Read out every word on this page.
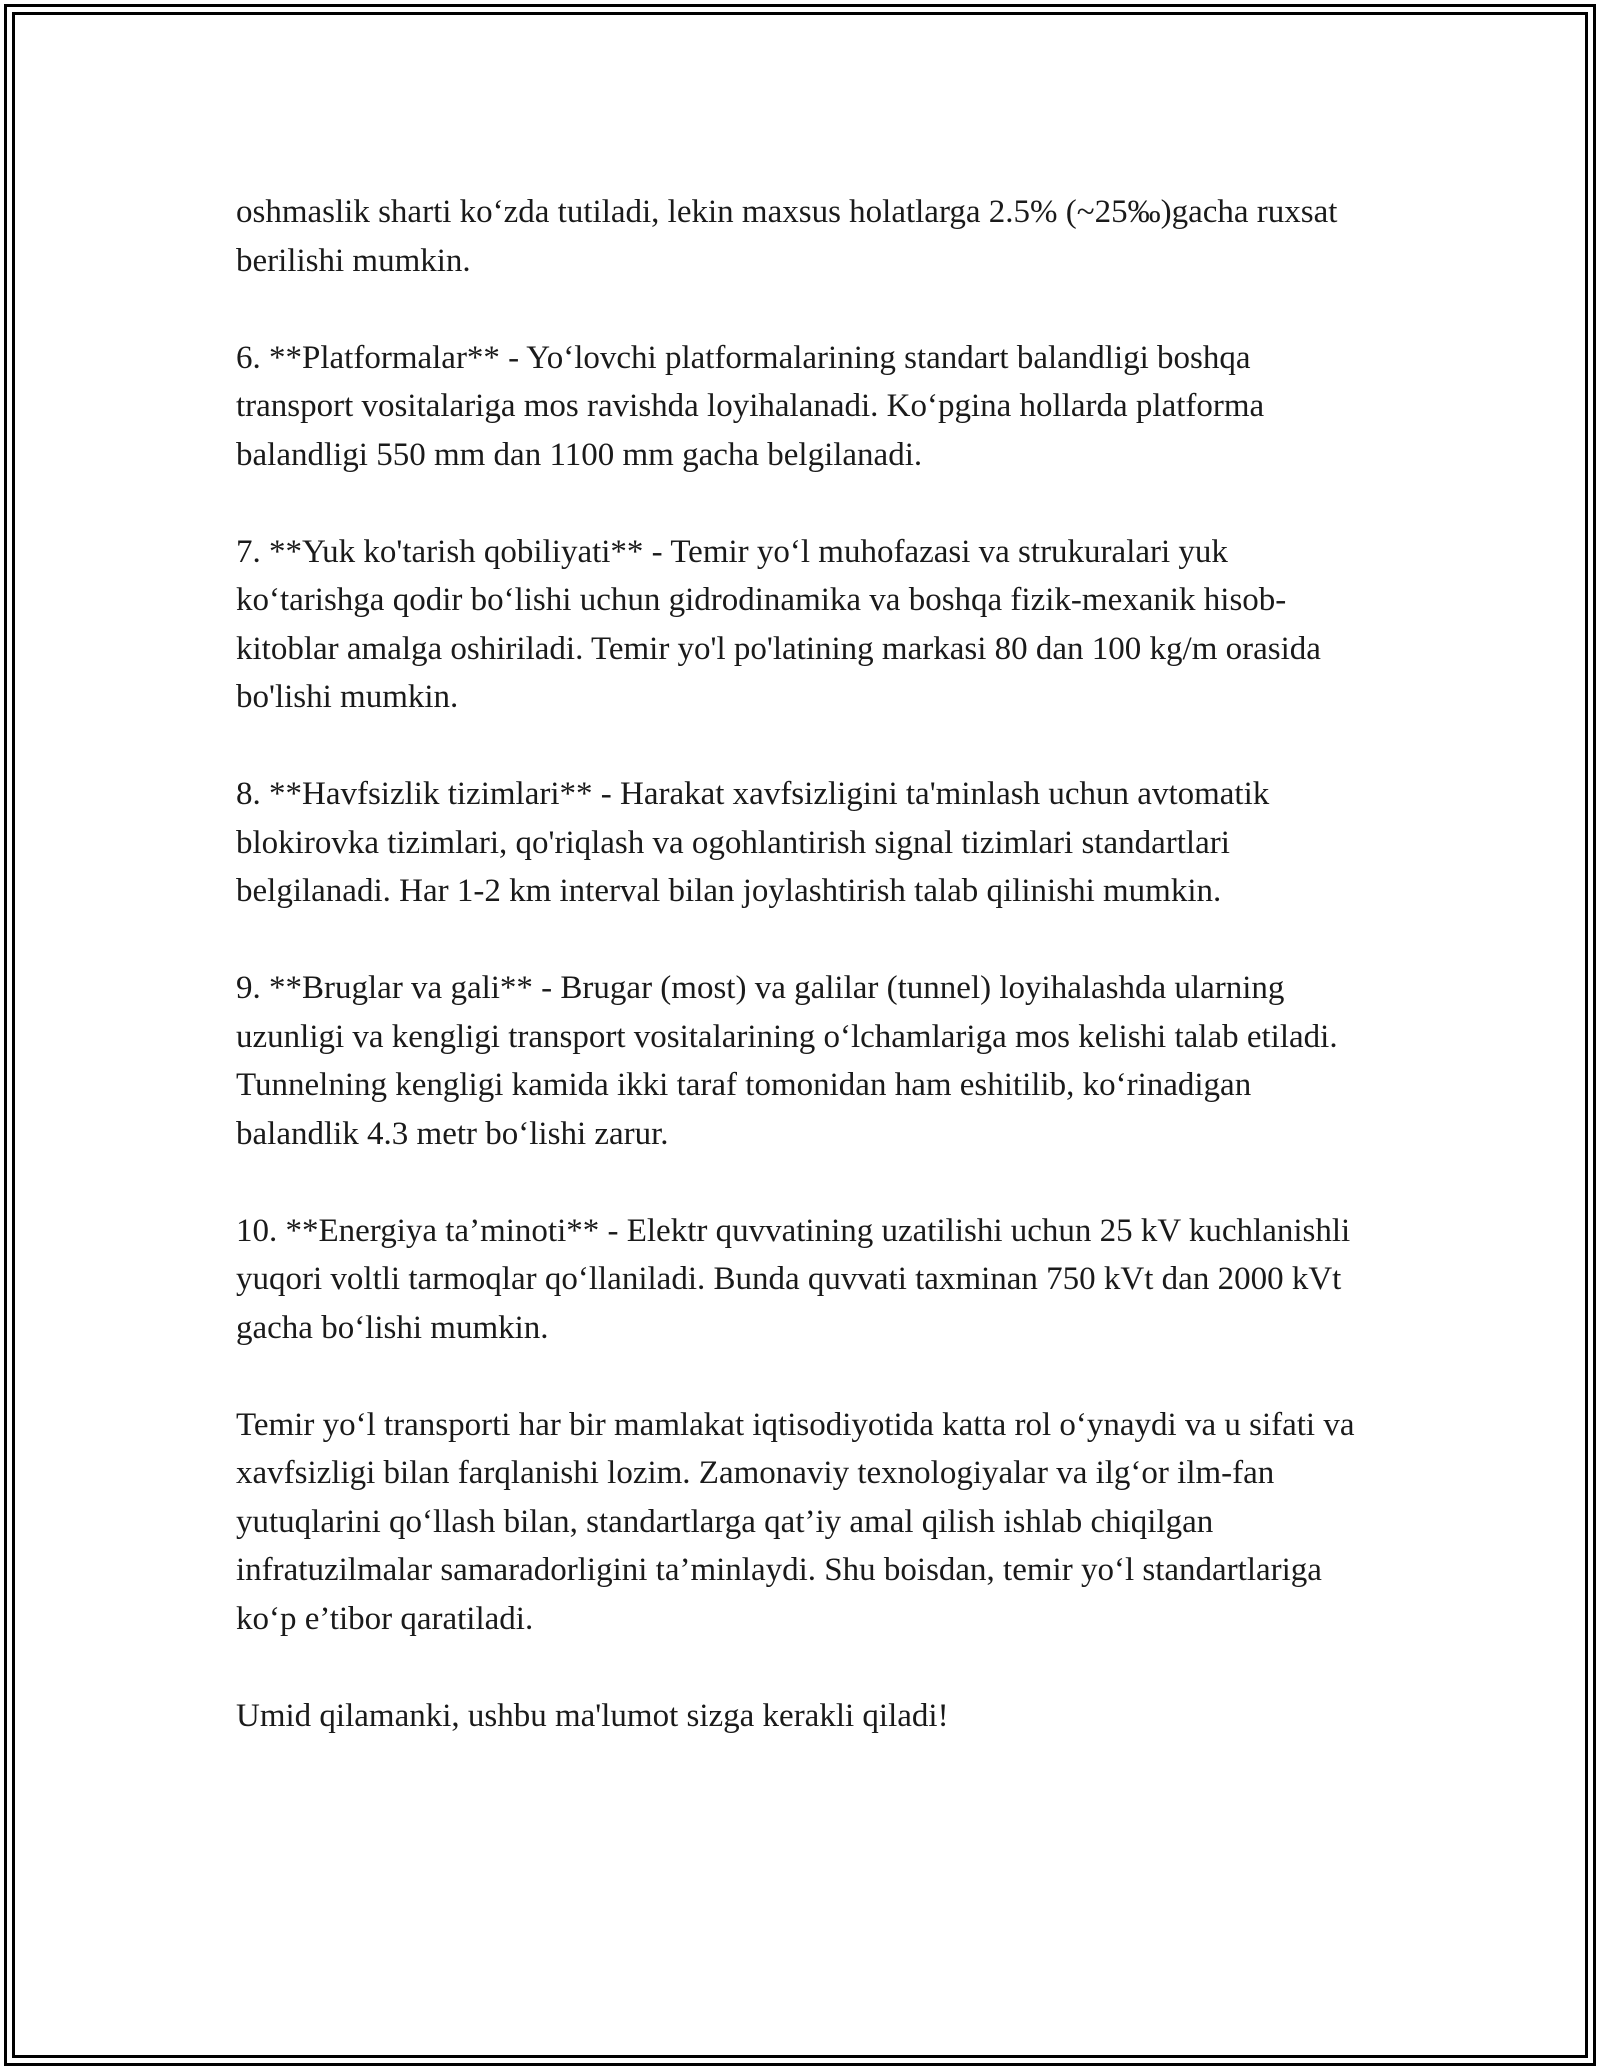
oshmaslik sharti ko‘zda tutiladi, lekin maxsus holatlarga 2.5% (~25‰)gacha ruxsat berilishi mumkin.

6. **Platformalar** - Yo‘lovchi platformalarining standart balandligi boshqa transport vositalariga mos ravishda loyihalanadi. Ko‘pgina hollarda platforma balandligi 550 mm dan 1100 mm gacha belgilanadi.

7. **Yuk ko'tarish qobiliyati** - Temir yo‘l muhofazasi va strukuralari yuk ko‘tarishga qodir bo‘lishi uchun gidrodinamika va boshqa fizik-mexanik hisob-kitoblar amalga oshiriladi. Temir yo'l po'latining markasi 80 dan 100 kg/m orasida bo'lishi mumkin.

8. **Havfsizlik tizimlari** - Harakat xavfsizligini ta'minlash uchun avtomatik blokirovka tizimlari, qo'riqlash va ogohlantirish signal tizimlari standartlari belgilanadi. Har 1-2 km interval bilan joylashtirish talab qilinishi mumkin.

9. **Bruglar va gali** - Brugar (most) va galilar (tunnel) loyihalashda ularning uzunligi va kengligi transport vositalarining o‘lchamlariga mos kelishi talab etiladi. Tunnelning kengligi kamida ikki taraf tomonidan ham eshitilib, ko‘rinadigan balandlik 4.3 metr bo‘lishi zarur.

10. **Energiya ta’minoti** - Elektr quvvatining uzatilishi uchun 25 kV kuchlanishli yuqori voltli tarmoqlar qo‘llaniladi. Bunda quvvati taxminan 750 kVt dan 2000 kVt gacha bo‘lishi mumkin.

Temir yo‘l transporti har bir mamlakat iqtisodiyotida katta rol o‘ynaydi va u sifati va xavfsizligi bilan farqlanishi lozim. Zamonaviy texnologiyalar va ilg‘or ilm-fan yutuqlarini qo‘llash bilan, standartlarga qat’iy amal qilish ishlab chiqilgan infratuzilmalar samaradorligini ta’minlaydi. Shu boisdan, temir yo‘l standartlariga ko‘p e’tibor qaratiladi.

Umid qilamanki, ushbu ma'lumot sizga kerakli qiladi!
